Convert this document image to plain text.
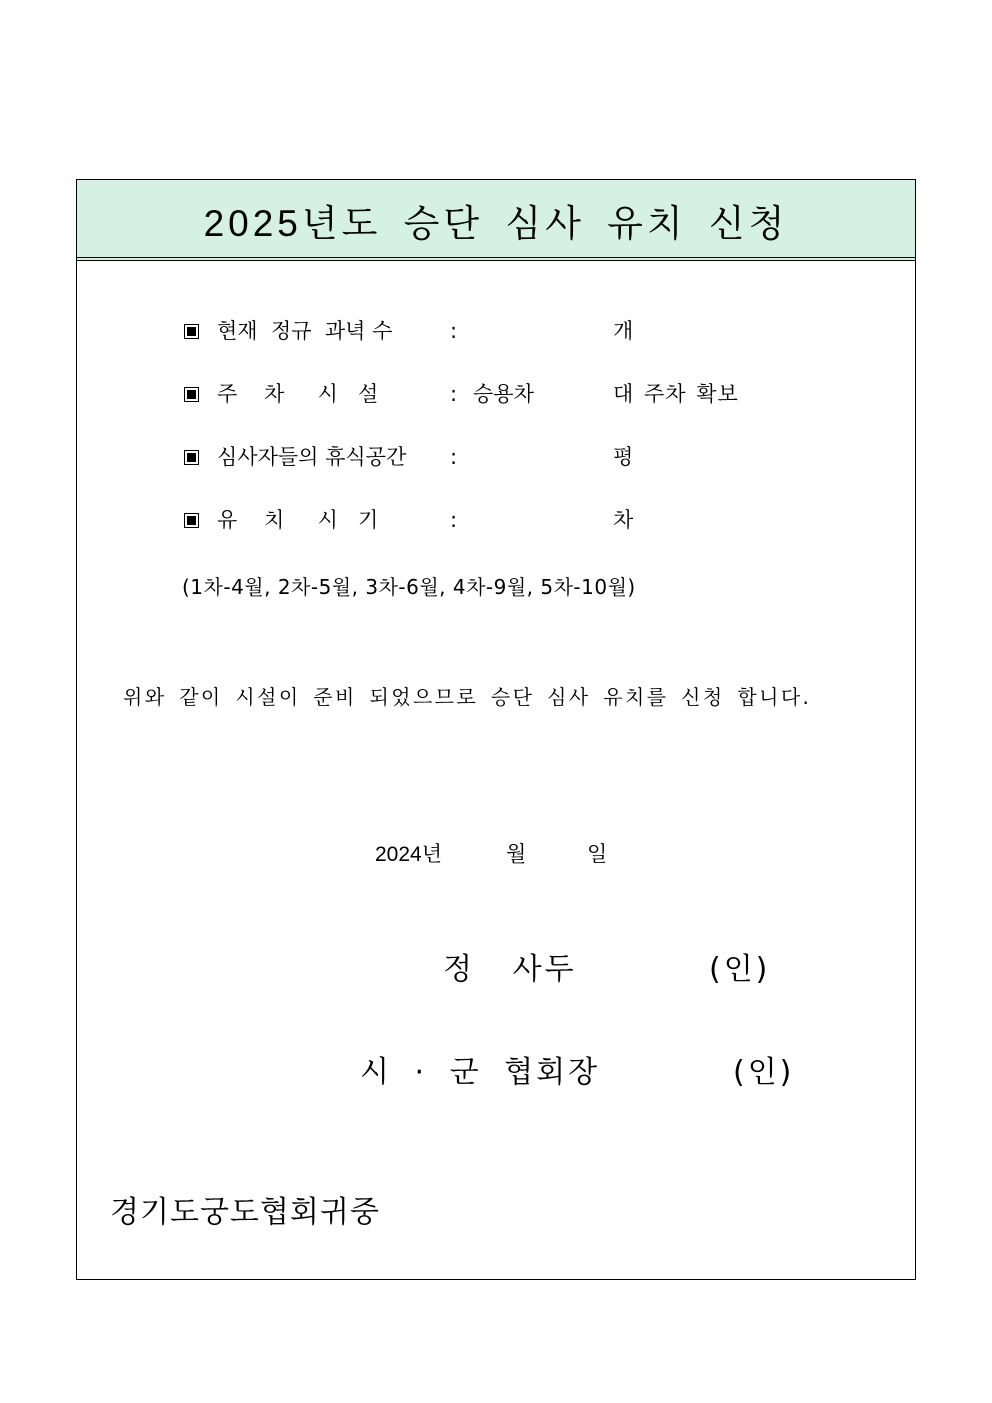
2025년도 승단 심사 유치 신청
현재  정규  과녁 수	:	개
주    차     시   설	: 승용차	대 주차 확보
심사자들의 휴식공간 :	평
유    치     시   기	:	차
(1차-4월, 2차-5월, 3차-6월, 4차-9월, 5차-10월)
위와 같이 시설이 준비 되었으므로 승단 심사 유치를 신청 합니다.
2024년	월	일
정   사두	(인)
시 · 군 협회장	(인)
경기도궁도협회귀중
